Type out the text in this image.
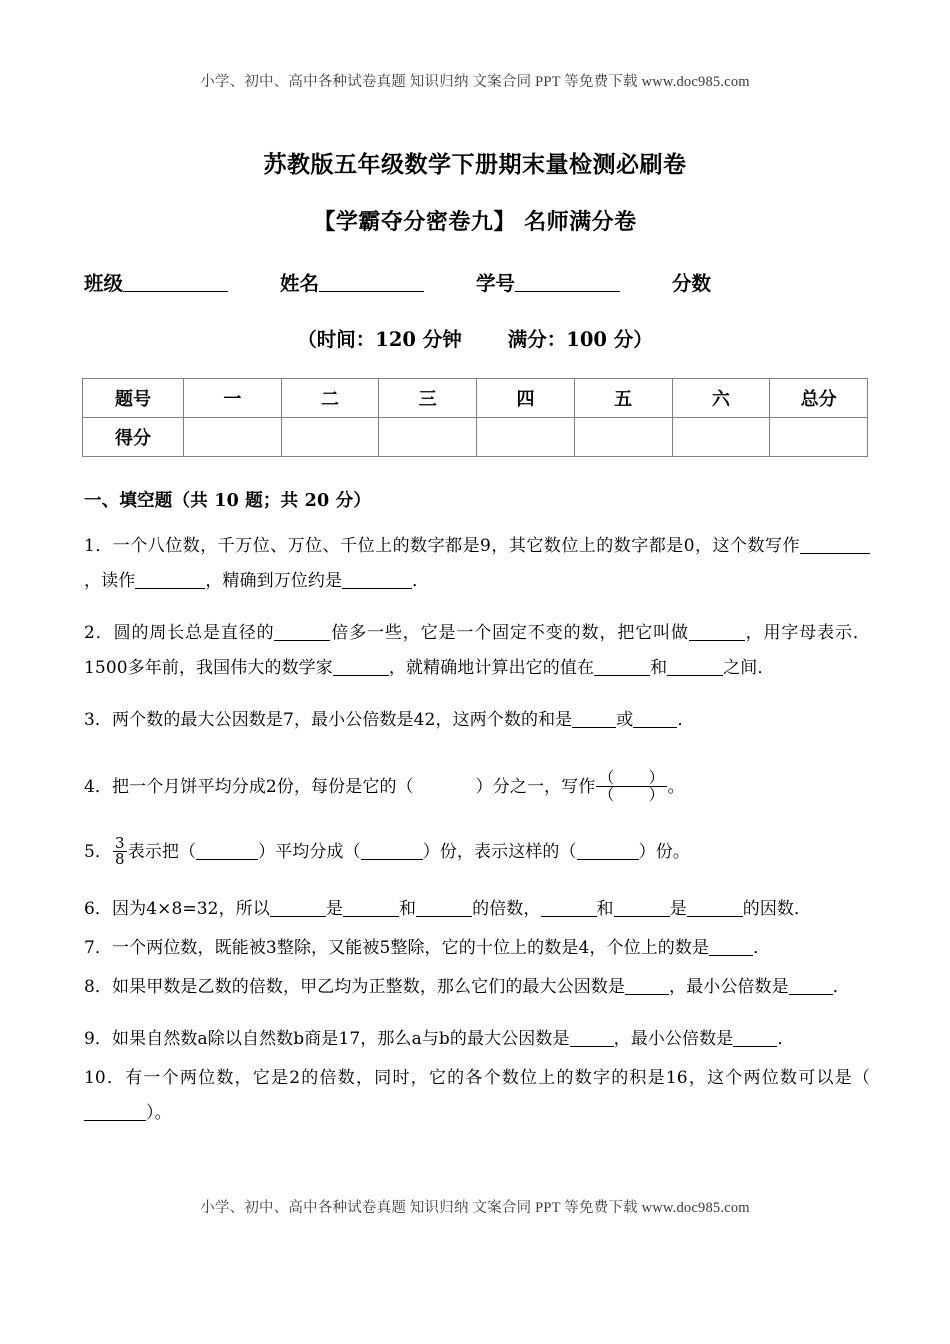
小学、初中、高中各种试卷真题 知识归纳 文案合同 PPT 等免费下载 www.doc985.com
苏教版五年级数学下册期末量检测必刷卷
【学霸夺分密卷九】 名师满分卷
班级	姓名	学号	分数
（时间：120 分钟 满分：100 分）
题号	一	二	三	四	五	六	总分
得分							
一、填空题（共 10 题；共 20 分）
1．一个八位数，千万位、万位、千位上的数字都是9，其它数位上的数字都是0，这个数写作，读作	，精确到万位约是	．
2．圆的周长总是直径的	倍多一些，它是一个固定不变的数，把它叫做	，用字母表示．1500多年前，我国伟大的数学家	，就精确地计算出它的值在	和	之间．
3．两个数的最大公因数是7，最小公倍数是42，这两个数的和是	或	．
4．把一个月饼平均分成2份，每份是它的（	）分之一，写作 $\frac{( )}{( )}$ 。
5． $\frac{3}{8}$ 表示把（	）平均分成（	）份，表示这样的（	）份。
6．因为4×8=32，所以	是	和	的倍数，	和	是	的因数．
7．一个两位数，既能被3整除，又能被5整除，它的十位上的数是4，个位上的数是	．
8．如果甲数是乙数的倍数，甲乙均为正整数，那么它们的最大公因数是	，最小公倍数是	．
9．如果自然数a除以自然数b商是17，那么a与b的最大公因数是	，最小公倍数是	．
10．有一个两位数，它是2的倍数，同时，它的各个数位上的数字的积是16，这个两位数可以是（）。
小学、初中、高中各种试卷真题 知识归纳 文案合同 PPT 等免费下载 www.doc985.com
